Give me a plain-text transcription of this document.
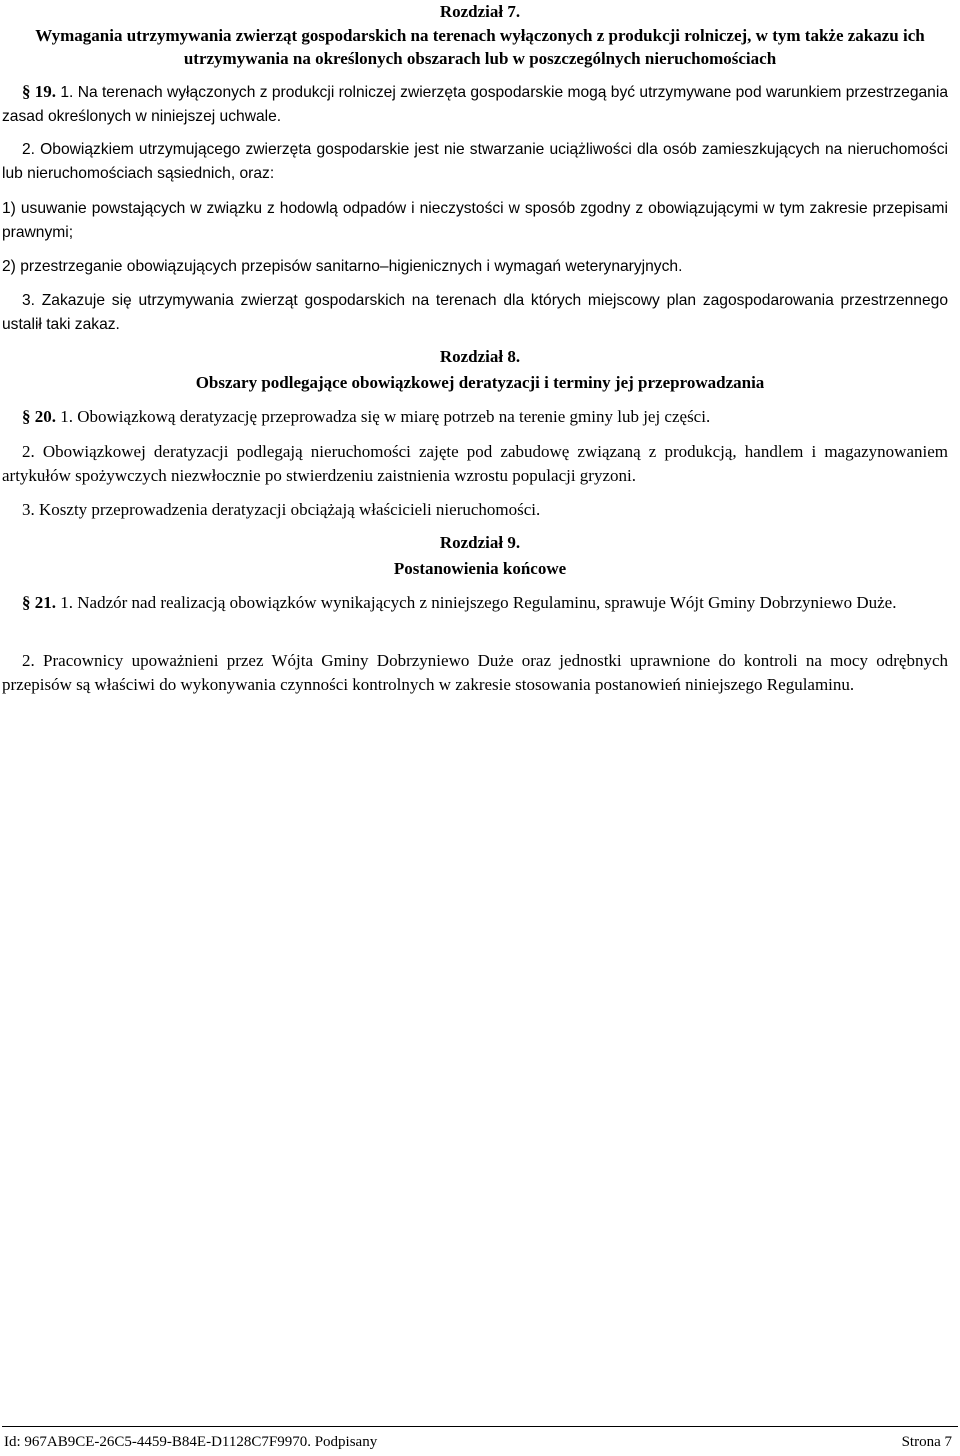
Rozdział 7.
Wymagania utrzymywania zwierząt gospodarskich na terenach wyłączonych z produkcji rolniczej, w tym także zakazu ich utrzymywania na określonych obszarach lub w poszczególnych nieruchomościach
§ 19. 1. Na terenach wyłączonych z produkcji rolniczej zwierzęta gospodarskie mogą być utrzymywane pod warunkiem przestrzegania zasad określonych w niniejszej uchwale.
2. Obowiązkiem utrzymującego zwierzęta gospodarskie jest nie stwarzanie uciążliwości dla osób zamieszkujących na nieruchomości lub nieruchomościach sąsiednich, oraz:
1) usuwanie powstających w związku z hodowlą odpadów i nieczystości w sposób zgodny z obowiązującymi w tym zakresie przepisami prawnymi;
2) przestrzeganie obowiązujących przepisów sanitarno–higienicznych i wymagań weterynaryjnych.
3. Zakazuje się utrzymywania zwierząt gospodarskich na terenach dla których miejscowy plan zagospodarowania przestrzennego ustalił taki zakaz.
Rozdział 8.
Obszary podlegające obowiązkowej deratyzacji i terminy jej przeprowadzania
§ 20. 1. Obowiązkową deratyzację przeprowadza się w miarę potrzeb na terenie gminy lub jej części.
2. Obowiązkowej deratyzacji podlegają nieruchomości zajęte pod zabudowę związaną z produkcją, handlem i magazynowaniem artykułów spożywczych niezwłocznie po stwierdzeniu zaistnienia wzrostu populacji gryzoni.
3. Koszty przeprowadzenia deratyzacji obciążają właścicieli nieruchomości.
Rozdział 9.
Postanowienia końcowe
§ 21. 1. Nadzór nad realizacją obowiązków wynikających z niniejszego Regulaminu, sprawuje Wójt Gminy Dobrzyniewo Duże.
2. Pracownicy upoważnieni przez Wójta Gminy Dobrzyniewo Duże oraz jednostki uprawnione do kontroli na mocy odrębnych przepisów są właściwi do wykonywania czynności kontrolnych w zakresie stosowania postanowień niniejszego Regulaminu.
Id: 967AB9CE-26C5-4459-B84E-D1128C7F9970. Podpisany	Strona 7
